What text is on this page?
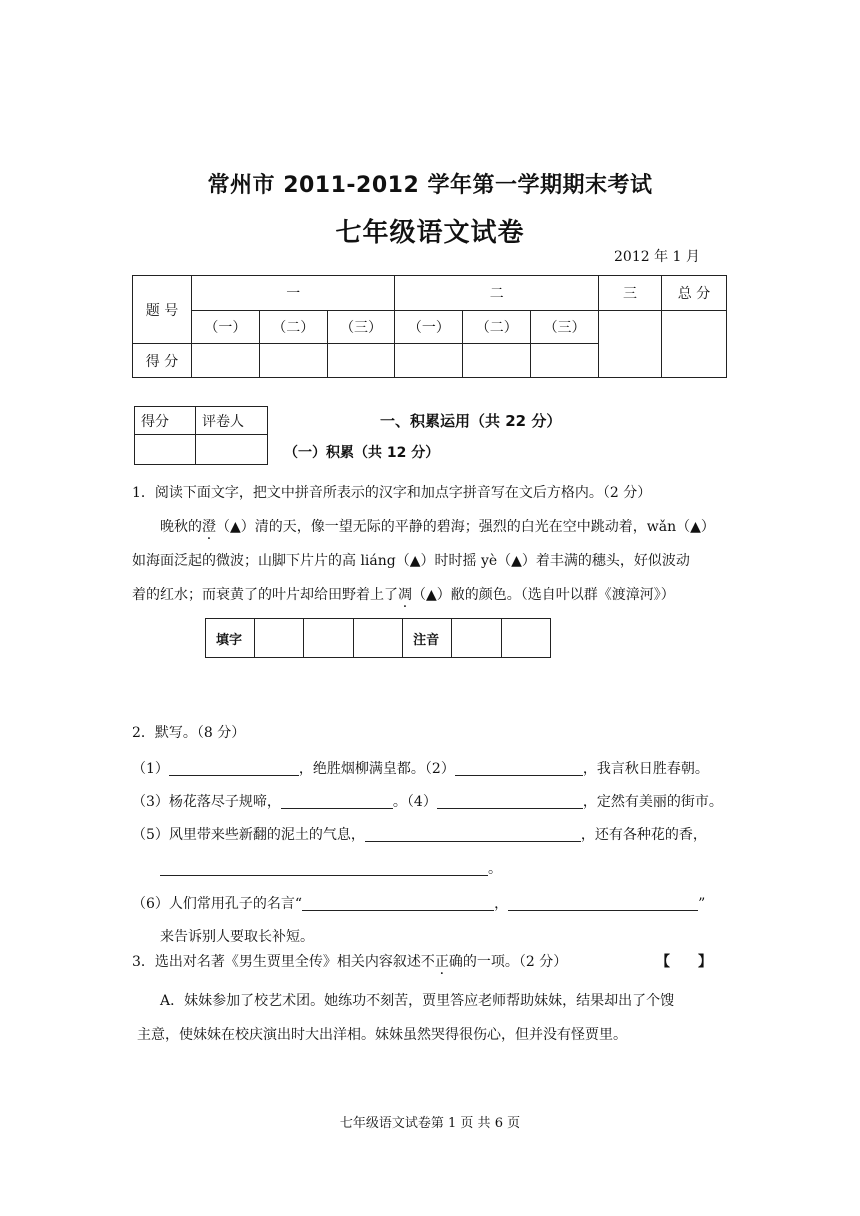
常州市 2011-2012 学年第一学期期末考试
七年级语文试卷
2012 年 1 月
题 号	一			二			三	总 分
	（一）	（二）	（三）	（一）	（二）	（三）		
得 分								
得分	评卷人
		一、积累运用（共 22 分）
（一）积累（共 12 分）
1．阅读下面文字，把文中拼音所表示的汉字和加点字拼音写在文后方格内。（2 分）
晚秋的澄（▲）清的天，像一望无际的平静的碧海；强烈的白光在空中跳动着，wǎn（▲）
如海面泛起的微波；山脚下片片的高 liáng（▲）时时摇 yè（▲）着丰满的穗头，好似波动
着的红水；而衰黄了的叶片却给田野着上了凋（▲）敝的颜色。（选自叶以群《渡漳河》）
填字				注音		
2．默写。（8 分）
（1）	，绝胜烟柳满皇都。（2）	，我言秋日胜春朝。
（3）杨花落尽子规啼，	。（4）	，定然有美丽的街市。
（5）风里带来些新翻的泥土的气息，	，还有各种花的香，
。
（6）人们常用孔子的名言“	，	”
来告诉别人要取长补短。
3．选出对名著《男生贾里全传》相关内容叙述不正确的一项。（2 分）	【　　】
A．妹妹参加了校艺术团。她练功不刻苦，贾里答应老师帮助妹妹，结果却出了个馊
主意，使妹妹在校庆演出时大出洋相。妹妹虽然哭得很伤心，但并没有怪贾里。
七年级语文试卷第 1 页 共 6 页
